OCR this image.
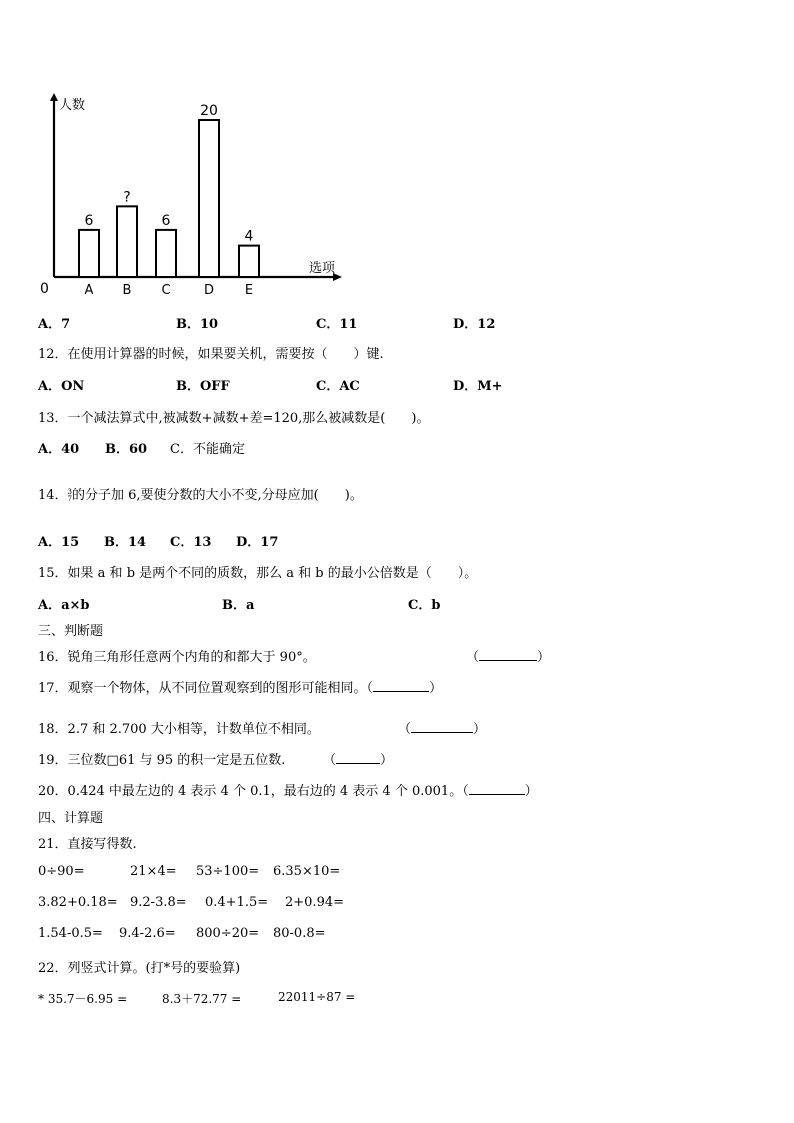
人数
选项
0
6
A
?
B
6
C
20
D
4
E
A．7	B．10	C．11	D．12
12．在使用计算器的时候，如果要关机，需要按（　　）键.
A．ON	B．OFF	C．AC	D．M+
13．一个减法算式中,被减数+减数+差=120,那么被减数是(　　)。
A．40 B．60 C．不能确定
14．3
7的分子加 6,要使分数的大小不变,分母应加(　　)。
A．15 B．14 C．13 D．17
15．如果 a 和 b 是两个不同的质数，那么 a 和 b 的最小公倍数是（　　）。
A．a×b	B．a	C．b
三、判断题
16．锐角三角形任意两个内角的和都大于 90°。	（	）
17．观察一个物体，从不同位置观察到的图形可能相同。（	）
18．2.7 和 2.700 大小相等，计数单位不相同。	（	）
19．三位数□61 与 95 的积一定是五位数.	（	）
20．0.424 中最左边的 4 表示 4 个 0.1，最右边的 4 表示 4 个 0.001。（	）
四、计算题
21．直接写得数.
0÷90=	21×4= 53÷100= 6.35×10=
3.82+0.18= 9.2-3.8= 0.4+1.5= 2+0.94=
1.54-0.5= 9.4-2.6= 800÷20= 80-0.8=
22．列竖式计算。(打*号的要验算)
* 35.7－6.95 =	8.3＋72.77 =	22011÷87 =
